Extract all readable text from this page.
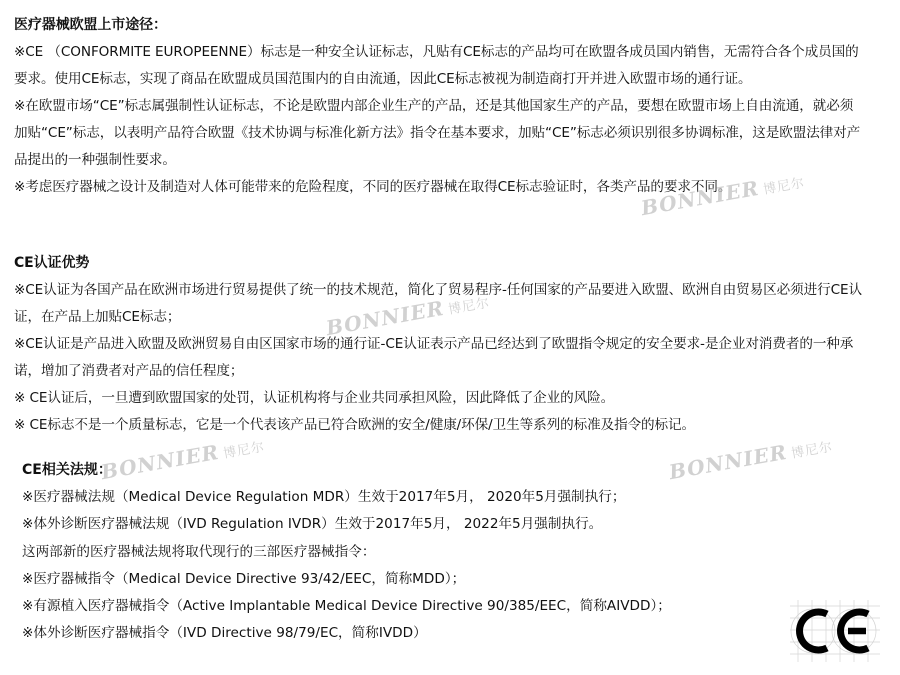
医疗器械欧盟上市途径：

※CE （CONFORMITE EUROPEENNE）标志是一种安全认证标志，凡贴有CE标志的产品均可在欧盟各成员国内销售，无需符合各个成员国的要求。使用CE标志，实现了商品在欧盟成员国范围内的自由流通，因此CE标志被视为制造商打开并进入欧盟市场的通行证。

※在欧盟市场“CE”标志属强制性认证标志，不论是欧盟内部企业生产的产品，还是其他国家生产的产品，要想在欧盟市场上自由流通，就必须加贴“CE”标志，以表明产品符合欧盟《技术协调与标准化新方法》指令在基本要求，加贴“CE”标志必须识别很多协调标准，这是欧盟法律对产品提出的一种强制性要求。

※考虑医疗器械之设计及制造对人体可能带来的危险程度，不同的医疗器械在取得CE标志验证时，各类产品的要求不同。

CE认证优势

※CE认证为各国产品在欧洲市场进行贸易提供了统一的技术规范，简化了贸易程序-任何国家的产品要进入欧盟、欧洲自由贸易区必须进行CE认证，在产品上加贴CE标志；

※CE认证是产品进入欧盟及欧洲贸易自由区国家市场的通行证-CE认证表示产品已经达到了欧盟指令规定的安全要求-是企业对消费者的一种承诺，增加了消费者对产品的信任程度；

※ CE认证后，一旦遭到欧盟国家的处罚，认证机构将与企业共同承担风险，因此降低了企业的风险。

※ CE标志不是一个质量标志，它是一个代表该产品已符合欧洲的安全/健康/环保/卫生等系列的标准及指令的标记。

CE相关法规：
※医疗器械法规（Medical Device Regulation MDR）生效于2017年5月， 2020年5月强制执行；
※体外诊断医疗器械法规（IVD Regulation IVDR）生效于2017年5月， 2022年5月强制执行。
这两部新的医疗器械法规将取代现行的三部医疗器械指令：
※医疗器械指令（Medical Device Directive 93/42/EEC，简称MDD）；
※有源植入医疗器械指令（Active Implantable Medical Device Directive 90/385/EEC，简称AIVDD）；
※体外诊断医疗器械指令（IVD Directive 98/79/EC，简称IVDD）
BONNIER博尼尔
BONNIER博尼尔
BONNIER博尼尔	BONNIER博尼尔
